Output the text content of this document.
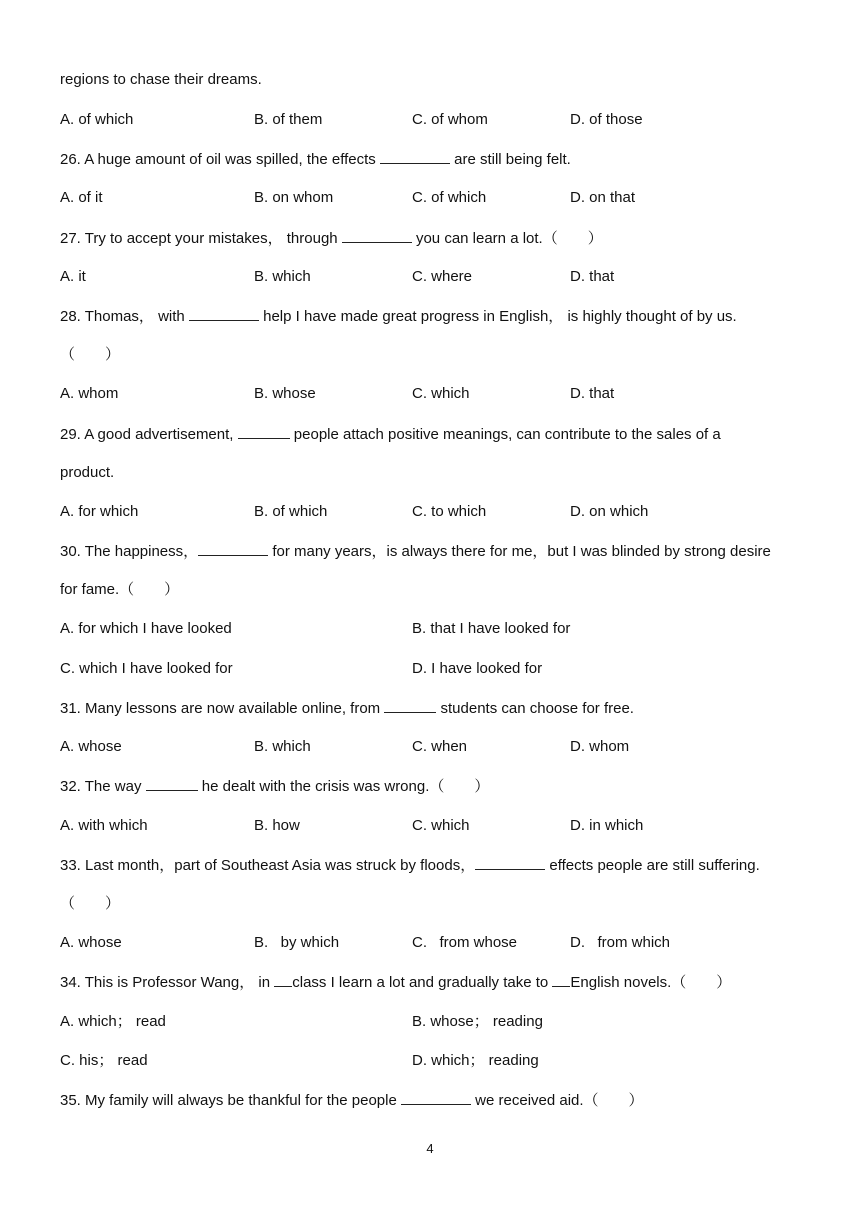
regions to chase their dreams.
A. of which	B. of them	C. of whom	D. of those
26. A huge amount of oil was spilled, the effects	are still being felt.
A. of it	B. on whom	C. of which	D. on that
27. Try to accept your mistakes， through	you can learn a lot.（　　）
A. it	B. which	C. where	D. that
28. Thomas， with	help I have made great progress in English， is highly thought of by us.
（　　）
A. whom	B. whose	C. which	D. that
29. A good advertisement,	people attach positive meanings, can contribute to the sales of a
product.
A. for which	B. of which	C. to which	D. on which
30. The happiness，	for many years，is always there for me，but I was blinded by strong desire
for fame.（　　）
A. for which I have looked	B. that I have looked for
C. which I have looked for	D. I have looked for
31. Many lessons are now available online, from	students can choose for free.
A. whose	B. which	C. when	D. whom
32. The way	he dealt with the crisis was wrong.（　　）
A. with which	B. how	C. which	D. in which
33. Last month，part of Southeast Asia was struck by floods，	effects people are still suffering.
（　　）
A. whose	B.   by which	C.   from whose	D.   from which
34. This is Professor Wang， in class I learn a lot and gradually take to English novels.（　　）
A. which； read	B. whose； reading
C. his； read	D. which； reading
35. My family will always be thankful for the people	we received aid.（　　）
4
